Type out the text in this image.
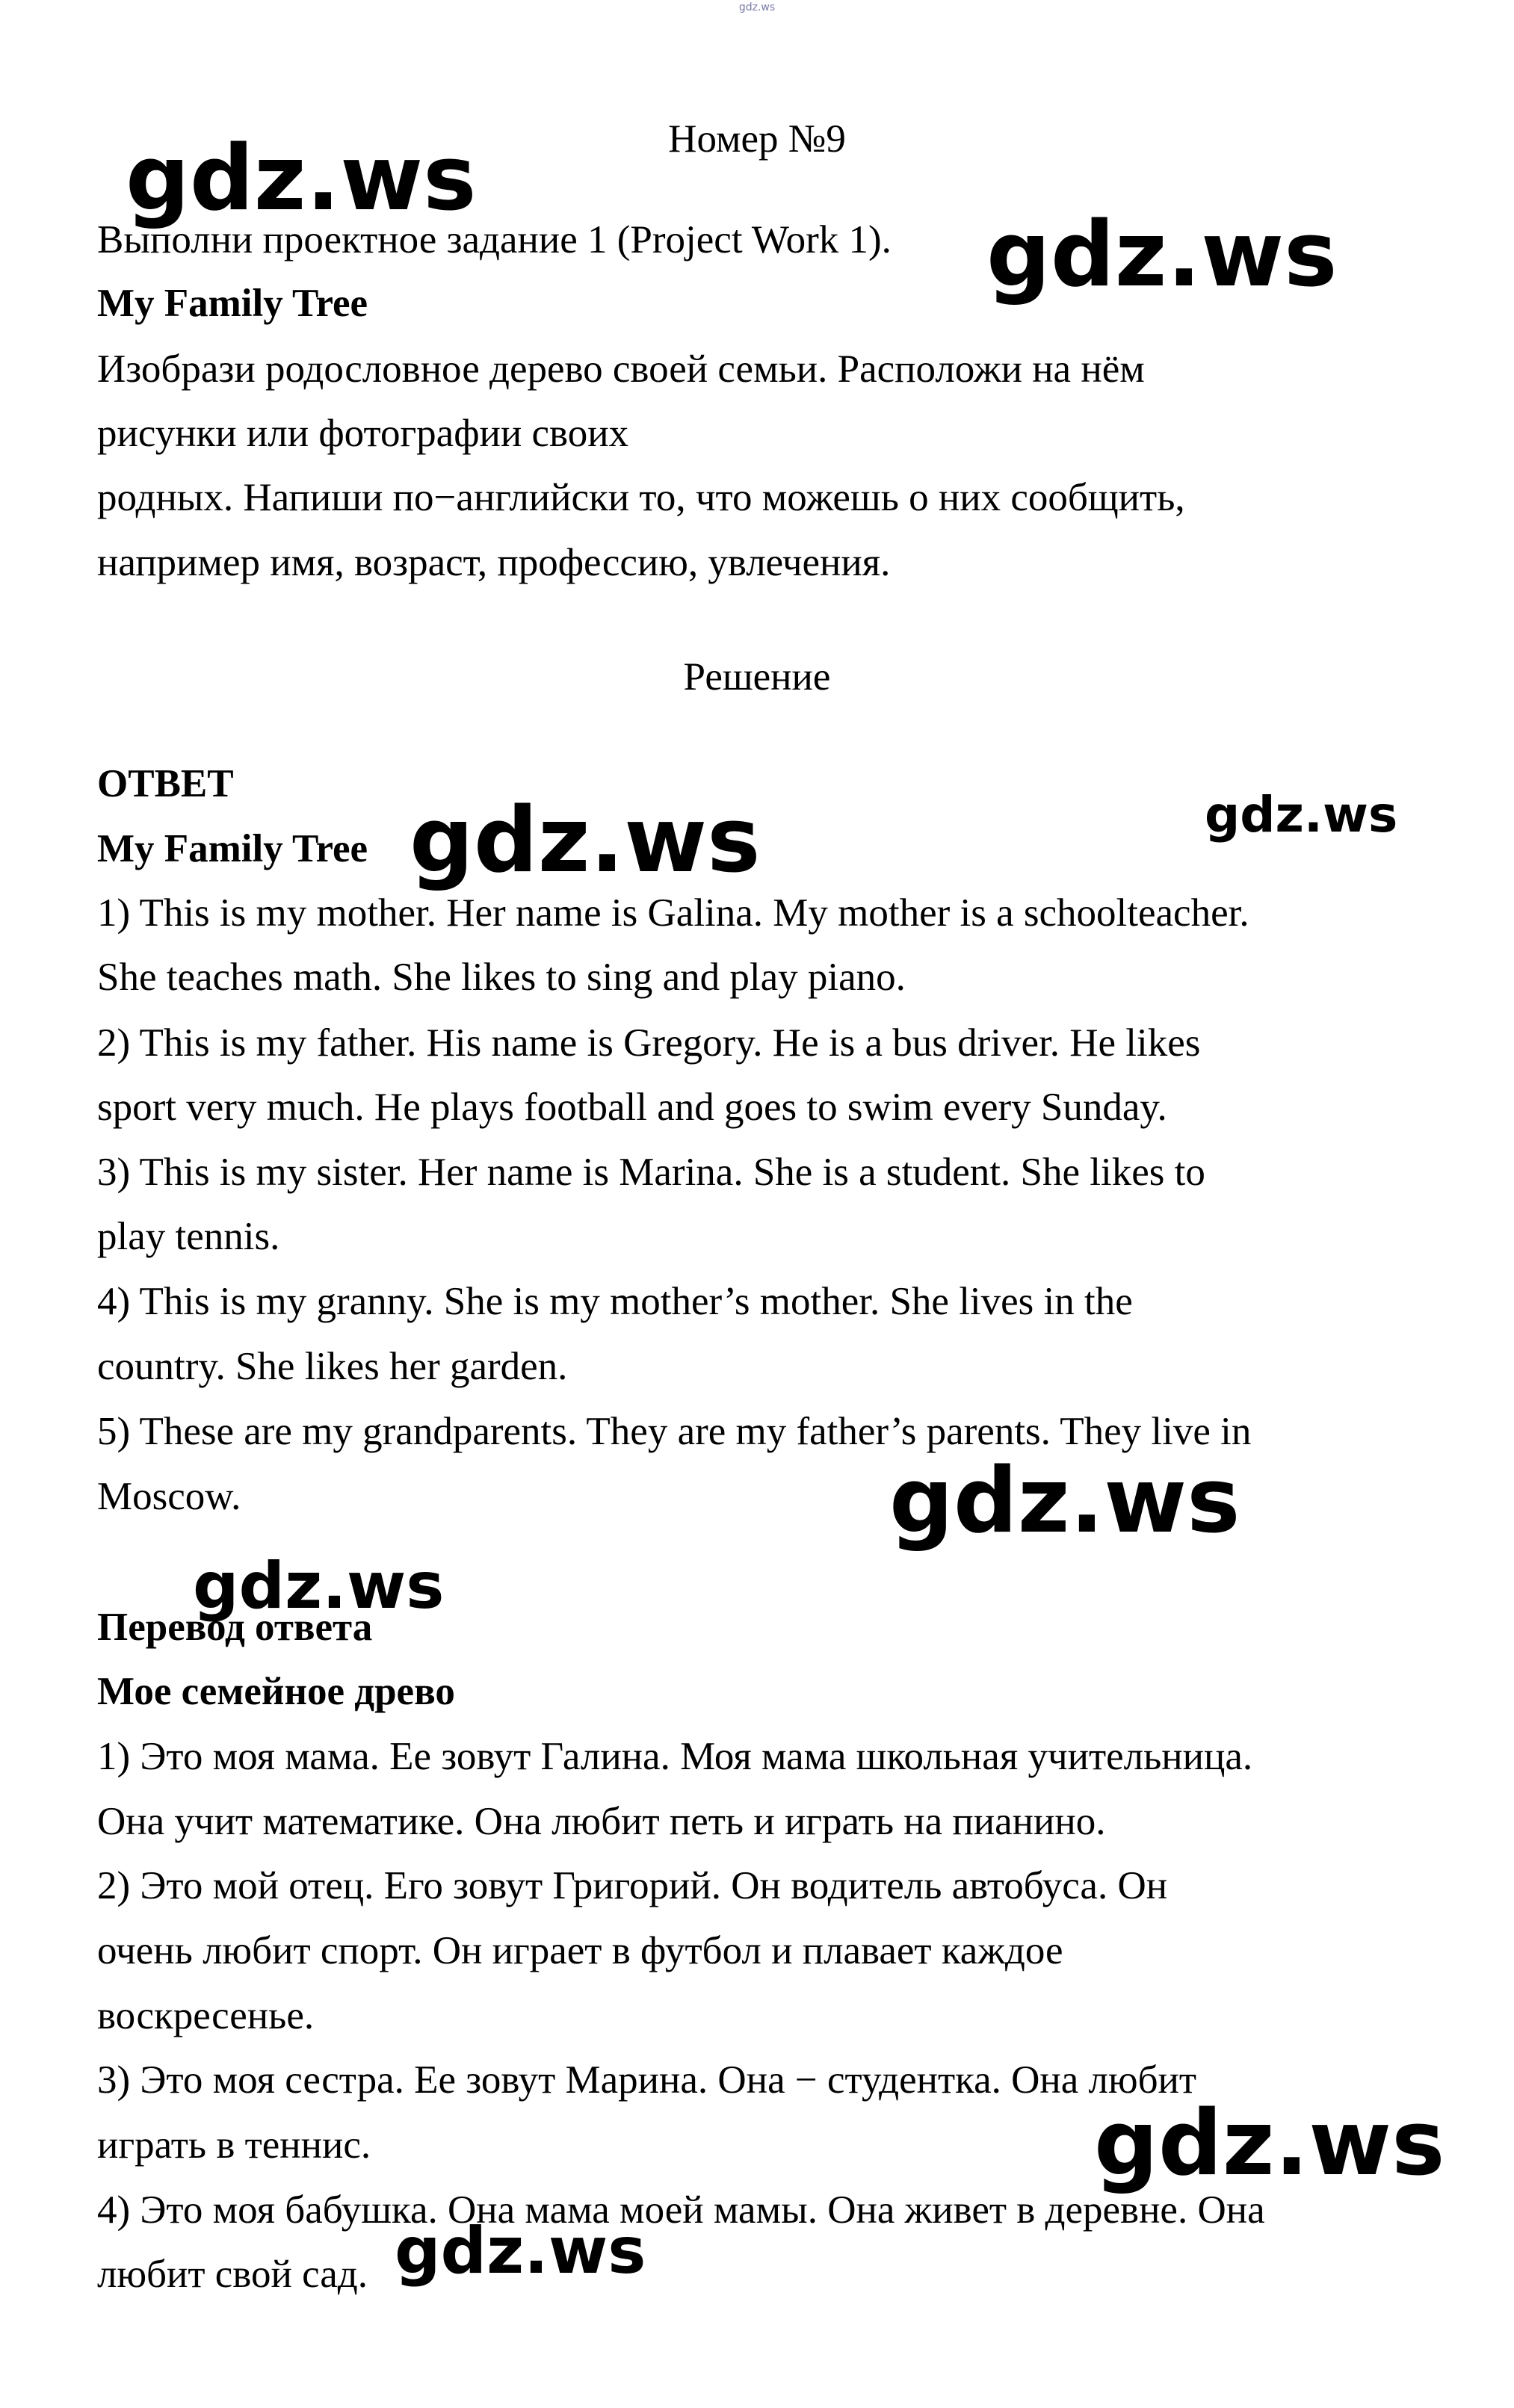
gdz.ws

Номер №9

Выполни проектное задание 1 (Project Work 1).

My Family Tree

Изобрази родословное дерево своей семьи. Расположи на нём

рисунки или фотографии своих

родных. Напиши по−английски то, что можешь о них сообщить,

например имя, возраст, профессию, увлечения.

Решение

ОТВЕТ

My Family Tree

1) This is my mother. Her name is Galina. My mother is a schoolteacher.

She teaches math. She likes to sing and play piano.

2) This is my father. His name is Gregory. He is a bus driver. He likes

sport very much. He plays football and goes to swim every Sunday.

3) This is my sister. Her name is Marina. She is a student. She likes to

play tennis.

4) This is my granny. She is my mother’s mother. She lives in the

country. She likes her garden.

5) These are my grandparents. They are my father’s parents. They live in

Moscow.

Перевод ответа

Мое семейное древо

1) Это моя мама. Ее зовут Галина. Моя мама школьная учительница.

Она учит математике. Она любит петь и играть на пианино.

2) Это мой отец. Его зовут Григорий. Он водитель автобуса. Он

очень любит спорт. Он играет в футбол и плавает каждое

воскресенье.

3) Это моя сестра. Ее зовут Марина. Она − студентка. Она любит

играть в теннис.

4) Это моя бабушка. Она мама моей мамы. Она живет в деревне. Она

любит свой сад.

gdz.ws
gdz.ws
gdz.ws	gdz.ws
gdz.ws
gdz.ws
gdz.ws
gdz.ws
